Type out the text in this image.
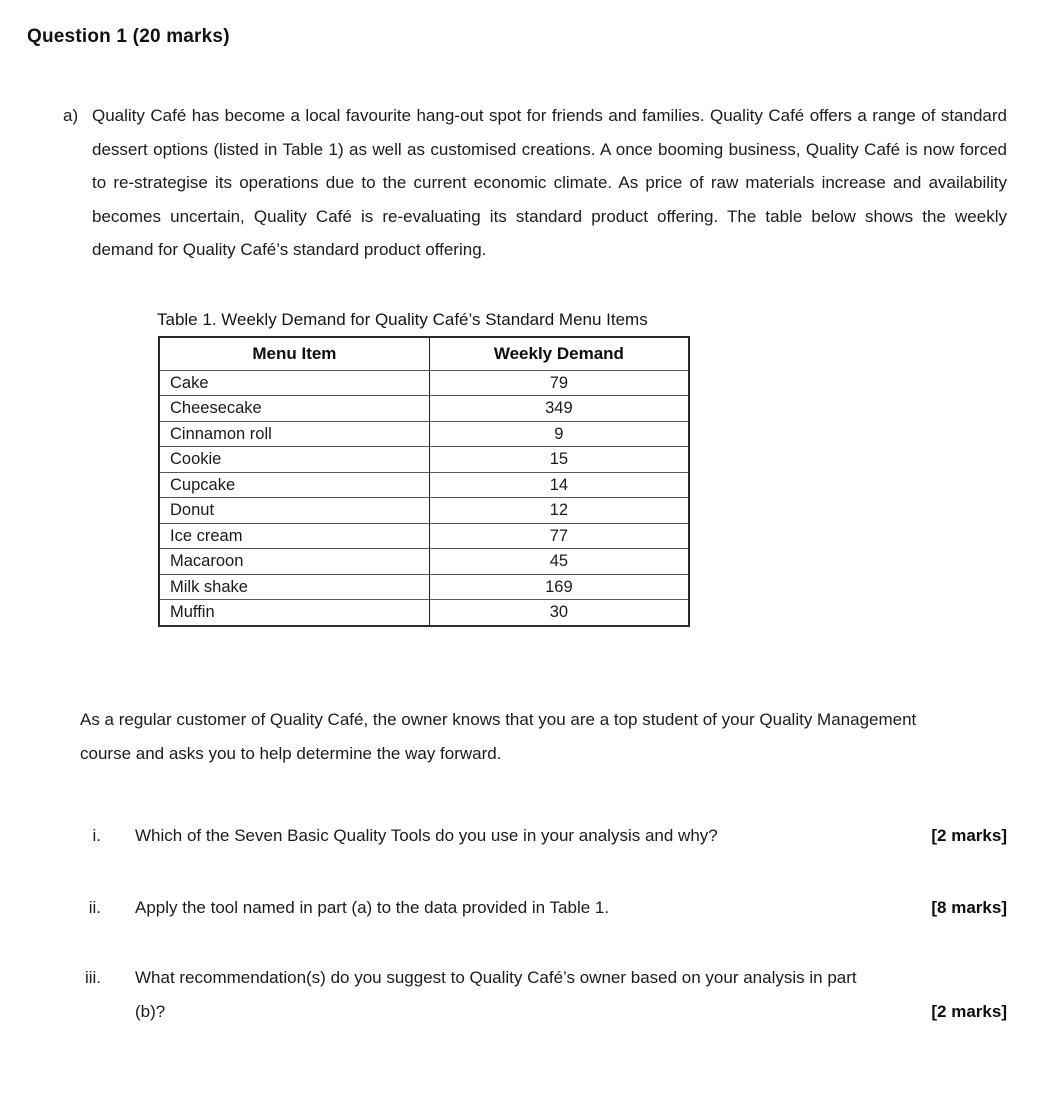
Question 1 (20 marks)
a) Quality Café has become a local favourite hang-out spot for friends and families. Quality Café offers a range of standard dessert options (listed in Table 1) as well as customised creations. A once booming business, Quality Café is now forced to re-strategise its operations due to the current economic climate. As price of raw materials increase and availability becomes uncertain, Quality Café is re-evaluating its standard product offering. The table below shows the weekly demand for Quality Café’s standard product offering.
Table 1. Weekly Demand for Quality Café’s Standard Menu Items
Menu Item	Weekly Demand
Cake	79
Cheesecake	349
Cinnamon roll	9
Cookie	15
Cupcake	14
Donut	12
Ice cream	77
Macaroon	45
Milk shake	169
Muffin	30

As a regular customer of Quality Café, the owner knows that you are a top student of your Quality Management course and asks you to help determine the way forward.

i. Which of the Seven Basic Quality Tools do you use in your analysis and why?	[2 marks]
ii. Apply the tool named in part (a) to the data provided in Table 1.	[8 marks]
iii. What recommendation(s) do you suggest to Quality Café’s owner based on your analysis in part
(b)?	[2 marks]
